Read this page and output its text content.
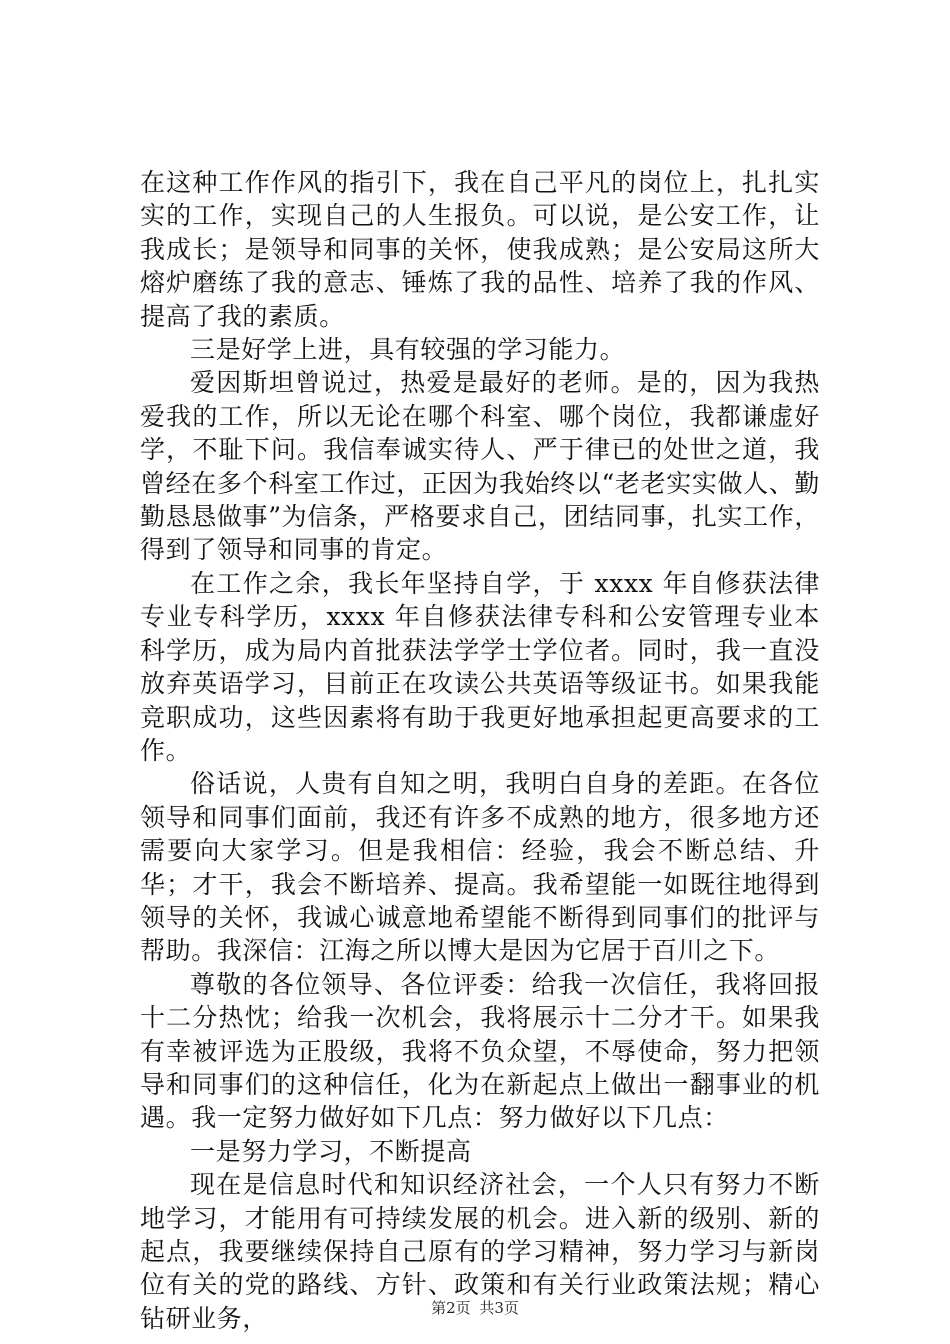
在这种工作作风的指引下，我在自己平凡的岗位上，扎扎实实的工作，实现自己的人生报负。可以说，是公安工作，让我成长；是领导和同事的关怀，使我成熟；是公安局这所大熔炉磨练了我的意志、锤炼了我的品性、培养了我的作风、提高了我的素质。

三是好学上进，具有较强的学习能力。

爱因斯坦曾说过，热爱是最好的老师。是的，因为我热爱我的工作，所以无论在哪个科室、哪个岗位，我都谦虚好学，不耻下问。我信奉诚实待人、严于律已的处世之道，我曾经在多个科室工作过，正因为我始终以“老老实实做人、勤勤恳恳做事”为信条，严格要求自己，团结同事，扎实工作，得到了领导和同事的肯定。

在工作之余，我长年坚持自学，于 xxxx 年自修获法律专业专科学历，xxxx 年自修获法律专科和公安管理专业本科学历，成为局内首批获法学学士学位者。同时，我一直没放弃英语学习，目前正在攻读公共英语等级证书。如果我能竞职成功，这些因素将有助于我更好地承担起更高要求的工作。

俗话说，人贵有自知之明，我明白自身的差距。在各位领导和同事们面前，我还有许多不成熟的地方，很多地方还需要向大家学习。但是我相信：经验，我会不断总结、升华；才干，我会不断培养、提高。我希望能一如既往地得到领导的关怀，我诚心诚意地希望能不断得到同事们的批评与帮助。我深信：江海之所以博大是因为它居于百川之下。

尊敬的各位领导、各位评委：给我一次信任，我将回报十二分热忱；给我一次机会，我将展示十二分才干。如果我有幸被评选为正股级，我将不负众望，不辱使命，努力把领导和同事们的这种信任，化为在新起点上做出一翻事业的机遇。我一定努力做好如下几点：努力做好以下几点：

一是努力学习，不断提高

现在是信息时代和知识经济社会，一个人只有努力不断地学习，才能用有可持续发展的机会。进入新的级别、新的起点，我要继续保持自己原有的学习精神，努力学习与新岗位有关的党的路线、方针、政策和有关行业政策法规；精心钻研业务，	第2页 共3页
